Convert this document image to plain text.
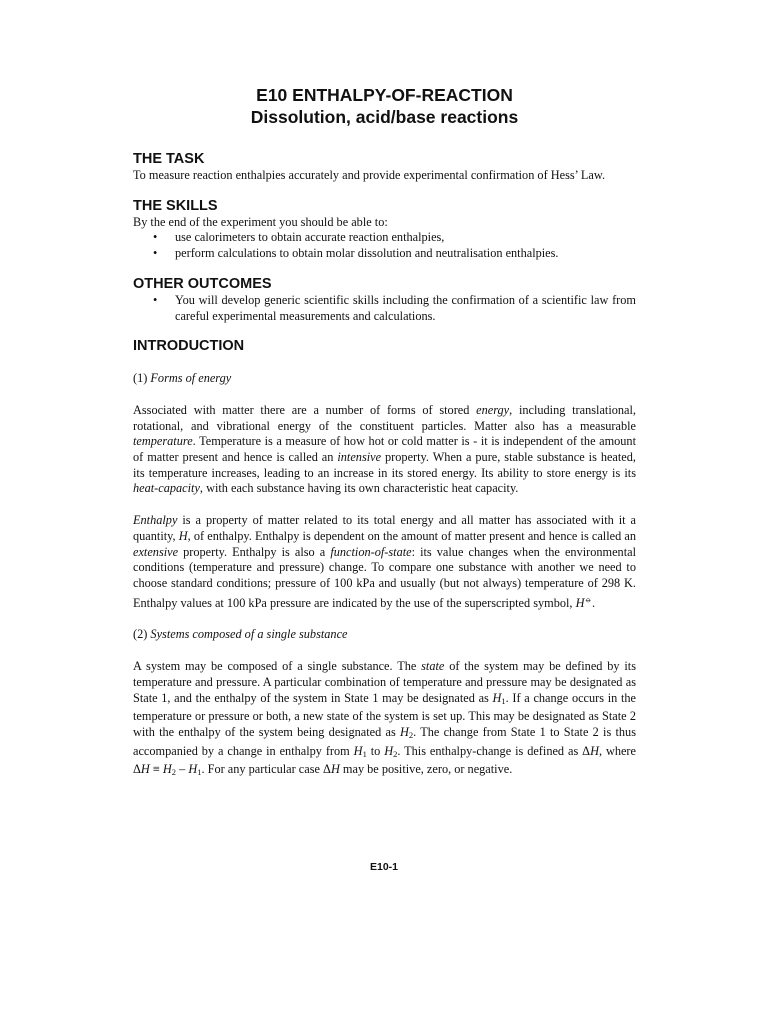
E10 ENTHALPY-OF-REACTION
Dissolution, acid/base reactions
THE TASK

To measure reaction enthalpies accurately and provide experimental confirmation of Hess’ Law.

THE SKILLS

By the end of the experiment you should be able to:

• use calorimeters to obtain accurate reaction enthalpies,
• perform calculations to obtain molar dissolution and neutralisation enthalpies.
OTHER OUTCOMES
• You will develop generic scientific skills including the confirmation of a scientific law from careful experimental measurements and calculations.
INTRODUCTION

(1) Forms of energy

Associated with matter there are a number of forms of stored energy, including translational, rotational, and vibrational energy of the constituent particles. Matter also has a measurable temperature. Temperature is a measure of how hot or cold matter is - it is independent of the amount of matter present and hence is called an intensive property. When a pure, stable substance is heated, its temperature increases, leading to an increase in its stored energy. Its ability to store energy is its heat-capacity, with each substance having its own characteristic heat capacity.

Enthalpy is a property of matter related to its total energy and all matter has associated with it a quantity, H, of enthalpy. Enthalpy is dependent on the amount of matter present and hence is called an extensive property. Enthalpy is also a function-of-state: its value changes when the environmental conditions (temperature and pressure) change. To compare one substance with another we need to choose standard conditions; pressure of 100 kPa and usually (but not always) temperature of 298 K. Enthalpy values at 100 kPa pressure are indicated by the use of the superscripted symbol, H⦵.

(2) Systems composed of a single substance

A system may be composed of a single substance. The state of the system may be defined by its temperature and pressure. A particular combination of temperature and pressure may be designated as State 1, and the enthalpy of the system in State 1 may be designated as $H_1$. If a change occurs in the temperature or pressure or both, a new state of the system is set up. This may be designated as State 2 with the enthalpy of the system being designated as $H_2$. The change from State 1 to State 2 is thus accompanied by a change in enthalpy from $H_1$ to $H_2$. This enthalpy-change is defined as ΔH, where $\Delta H \equiv H_2 - H_1$. For any particular case ΔH may be positive, zero, or negative.

E10-1
